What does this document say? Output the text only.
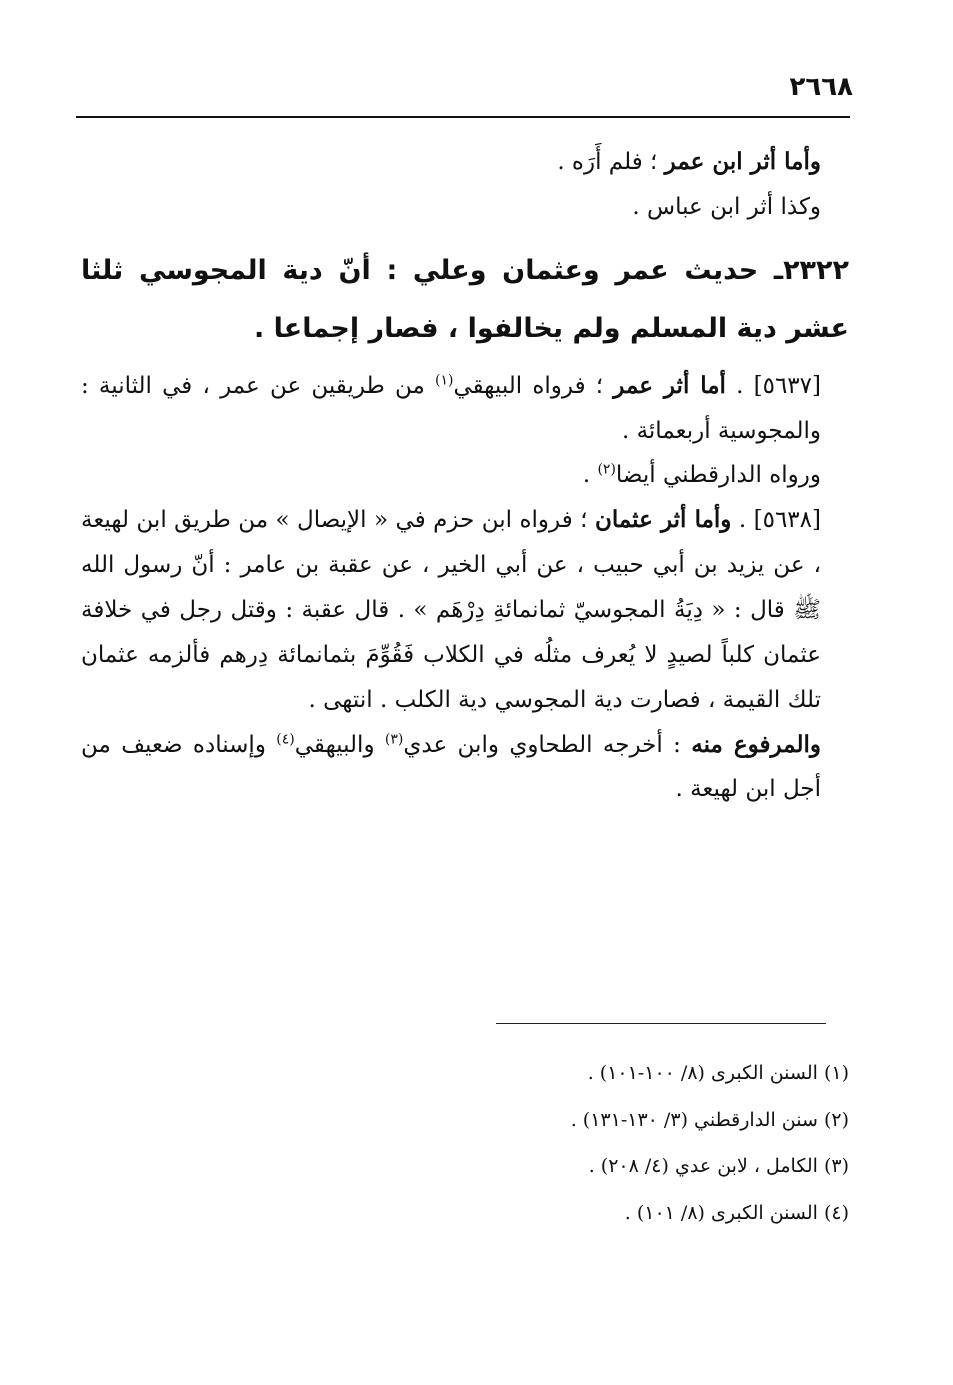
٢٦٦٨

وأما أثر ابن عمر ؛ فلم أَرَه .

وكذا أثر ابن عباس .

٢٣٢٢ـ حديث عمر وعثمان وعلي : أنّ دية المجوسي ثلثا عشر دية المسلم ولم يخالفوا ، فصار إجماعا .

[٥٦٣٧] . أما أثر عمر ؛ فرواه البيهقي$^{(١)}$ من طريقين عن عمر ، في الثانية : والمجوسية أربعمائة .

ورواه الدارقطني أيضا$^{(٢)}$ .

[٥٦٣٨] . وأما أثر عثمان ؛ فرواه ابن حزم في « الإيصال » من طريق ابن لهيعة ، عن يزيد بن أبي حبيب ، عن أبي الخير ، عن عقبة بن عامر : أنّ رسول الله ﷺ قال : « دِيَةُ المجوسيّ ثمانمائةِ دِرْهَم » . قال عقبة : وقتل رجل في خلافة عثمان كلباً لصيدٍ لا يُعرف مثلُه في الكلاب فَقُوِّمَ بثمانمائة دِرهم فألزمه عثمان تلك القيمة ، فصارت دية المجوسي دية الكلب . انتهى .

والمرفوع منه : أخرجه الطحاوي وابن عدي$^{(٣)}$ والبيهقي$^{(٤)}$ وإسناده ضعيف من أجل ابن لهيعة .

(١) السنن الكبرى (٨/ ١٠٠-١٠١) .
(٢) سنن الدارقطني (٣/ ١٣٠-١٣١) .
(٣) الكامل ، لابن عدي (٤/ ٢٠٨) .
(٤) السنن الكبرى (٨/ ١٠١) .
